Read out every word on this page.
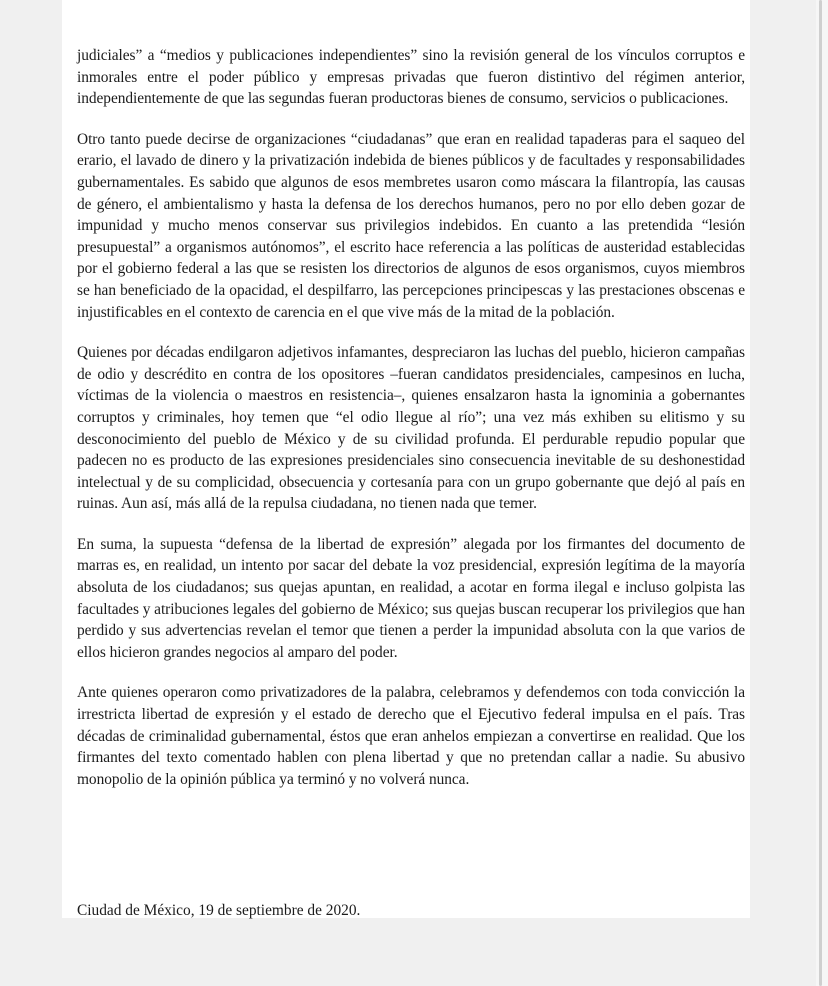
judiciales” a “medios y publicaciones independientes” sino la revisión general de los vínculos corruptos e inmorales entre el poder público y empresas privadas que fueron distintivo del régimen anterior, independientemente de que las segundas fueran productoras bienes de consumo, servicios o publicaciones.

Otro tanto puede decirse de organizaciones “ciudadanas” que eran en realidad tapaderas para el saqueo del erario, el lavado de dinero y la privatización indebida de bienes públicos y de facultades y responsabilidades gubernamentales. Es sabido que algunos de esos membretes usaron como máscara la filantropía, las causas de género, el ambientalismo y hasta la defensa de los derechos humanos, pero no por ello deben gozar de impunidad y mucho menos conservar sus privilegios indebidos. En cuanto a las pretendida “lesión presupuestal” a organismos autónomos”, el escrito hace referencia a las políticas de austeridad establecidas por el gobierno federal a las que se resisten los directorios de algunos de esos organismos, cuyos miembros se han beneficiado de la opacidad, el despilfarro, las percepciones principescas y las prestaciones obscenas e injustificables en el contexto de carencia en el que vive más de la mitad de la población.

Quienes por décadas endilgaron adjetivos infamantes, despreciaron las luchas del pueblo, hicieron campañas de odio y descrédito en contra de los opositores –fueran candidatos presidenciales, campesinos en lucha, víctimas de la violencia o maestros en resistencia–, quienes ensalzaron hasta la ignominia a gobernantes corruptos y criminales, hoy temen que “el odio llegue al río”; una vez más exhiben su elitismo y su desconocimiento del pueblo de México y de su civilidad profunda. El perdurable repudio popular que padecen no es producto de las expresiones presidenciales sino consecuencia inevitable de su deshonestidad intelectual y de su complicidad, obsecuencia y cortesanía para con un grupo gobernante que dejó al país en ruinas. Aun así, más allá de la repulsa ciudadana, no tienen nada que temer.

En suma, la supuesta “defensa de la libertad de expresión” alegada por los firmantes del documento de marras es, en realidad, un intento por sacar del debate la voz presidencial, expresión legítima de la mayoría absoluta de los ciudadanos; sus quejas apuntan, en realidad, a acotar en forma ilegal e incluso golpista las facultades y atribuciones legales del gobierno de México; sus quejas buscan recuperar los privilegios que han perdido y sus advertencias revelan el temor que tienen a perder la impunidad absoluta con la que varios de ellos hicieron grandes negocios al amparo del poder.

Ante quienes operaron como privatizadores de la palabra, celebramos y defendemos con toda convicción la irrestricta libertad de expresión y el estado de derecho que el Ejecutivo federal impulsa en el país. Tras décadas de criminalidad gubernamental, éstos que eran anhelos empiezan a convertirse en realidad. Que los firmantes del texto comentado hablen con plena libertad y que no pretendan callar a nadie. Su abusivo monopolio de la opinión pública ya terminó y no volverá nunca.

Ciudad de México, 19 de septiembre de 2020.
